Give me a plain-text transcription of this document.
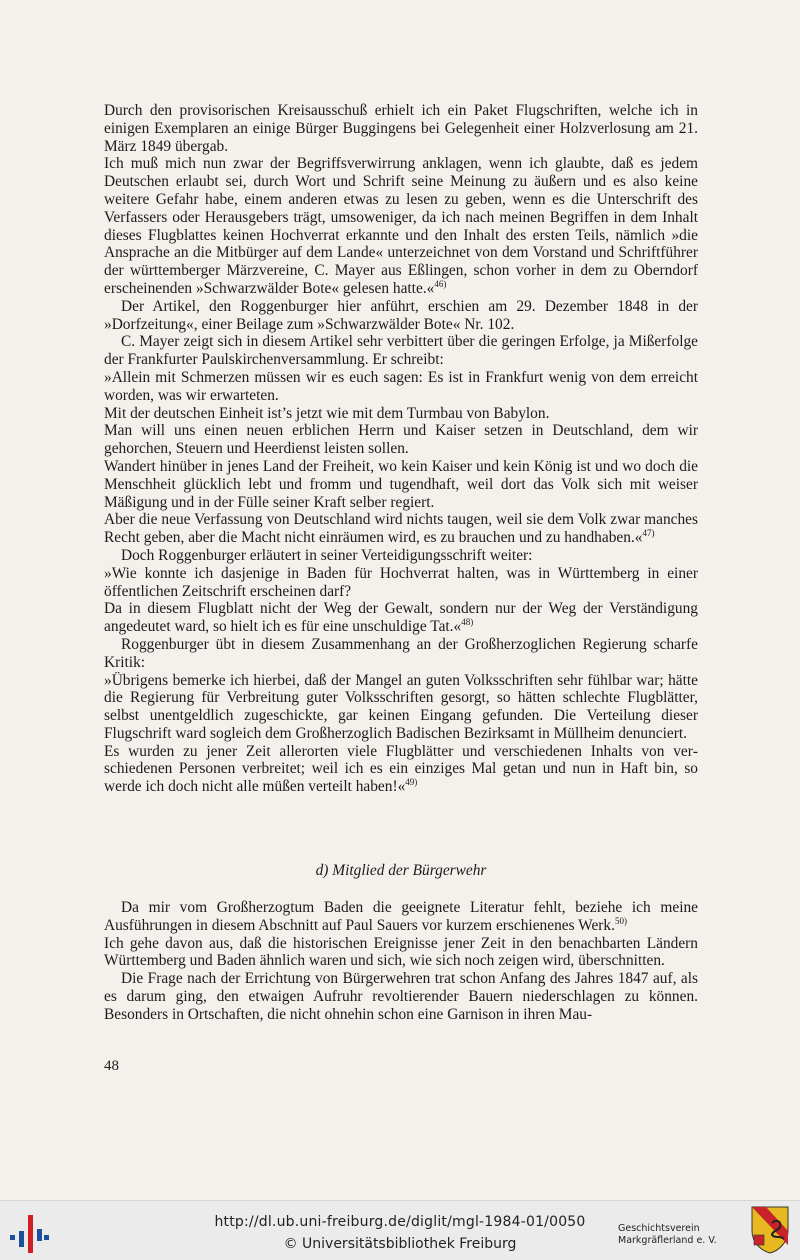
Durch den provisorischen Kreisausschuß erhielt ich ein Paket Flugschriften, welche ich in einigen Exemplaren an einige Bürger Buggingens bei Gelegenheit einer Holzverlosung am 21. März 1849 übergab.

Ich muß mich nun zwar der Begriffsverwirrung anklagen, wenn ich glaubte, daß es jedem Deutschen erlaubt sei, durch Wort und Schrift seine Meinung zu äußern und es also keine weitere Gefahr habe, einem anderen etwas zu lesen zu geben, wenn es die Unterschrift des Verfassers oder Herausgebers trägt, umsoweniger, da ich nach meinen Begriffen in dem Inhalt dieses Flugblattes keinen Hochverrat erkannte und den Inhalt des ersten Teils, nämlich »die Ansprache an die Mitbürger auf dem Lande« unterzeichnet von dem Vorstand und Schriftführer der württemberger Märzvereine, C. Mayer aus Eßlingen, schon vorher in dem zu Oberndorf erscheinenden »Schwarzwälder Bote« gelesen hatte.«$^{46)}$

Der Artikel, den Roggenburger hier anführt, erschien am 29. Dezember 1848 in der »Dorfzeitung«, einer Beilage zum »Schwarzwälder Bote« Nr. 102.

C. Mayer zeigt sich in diesem Artikel sehr verbittert über die geringen Erfolge, ja Mißerfolge der Frankfurter Paulskirchenversammlung. Er schreibt:

»Allein mit Schmerzen müssen wir es euch sagen: Es ist in Frankfurt wenig von dem erreicht worden, was wir erwarteten.

Mit der deutschen Einheit ist’s jetzt wie mit dem Turmbau von Babylon.

Man will uns einen neuen erblichen Herrn und Kaiser setzen in Deutschland, dem wir gehorchen, Steuern und Heerdienst leisten sollen.

Wandert hinüber in jenes Land der Freiheit, wo kein Kaiser und kein König ist und wo doch die Menschheit glücklich lebt und fromm und tugendhaft, weil dort das Volk sich mit weiser Mäßigung und in der Fülle seiner Kraft selber regiert.

Aber die neue Verfassung von Deutschland wird nichts taugen, weil sie dem Volk zwar manches Recht geben, aber die Macht nicht einräumen wird, es zu brauchen und zu handhaben.«$^{47)}$

Doch Roggenburger erläutert in seiner Verteidigungsschrift weiter:

»Wie konnte ich dasjenige in Baden für Hochverrat halten, was in Württemberg in einer öffentlichen Zeitschrift erscheinen darf?

Da in diesem Flugblatt nicht der Weg der Gewalt, sondern nur der Weg der Verständigung angedeutet ward, so hielt ich es für eine unschuldige Tat.«$^{48)}$

Roggenburger übt in diesem Zusammenhang an der Großherzoglichen Regierung scharfe Kritik:

»Übrigens bemerke ich hierbei, daß der Mangel an guten Volksschriften sehr fühlbar war; hätte die Regierung für Verbreitung guter Volksschriften gesorgt, so hätten schlechte Flugblätter, selbst unentgeldlich zugeschickte, gar keinen Eingang gefunden. Die Verteilung dieser Flugschrift ward sogleich dem Großherzoglich Badischen Bezirksamt in Müllheim denunciert.

Es wurden zu jener Zeit allerorten viele Flugblätter und verschiedenen Inhalts von verschiedenen Personen verbreitet; weil ich es ein einziges Mal getan und nun in Haft bin, so werde ich doch nicht alle müßen verteilt haben!«$^{49)}$

d) Mitglied der Bürgerwehr

Da mir vom Großherzogtum Baden die geeignete Literatur fehlt, beziehe ich meine Ausführungen in diesem Abschnitt auf Paul Sauers vor kurzem erschienenes Werk.$^{50)}$

Ich gehe davon aus, daß die historischen Ereignisse jener Zeit in den benachbarten Ländern Württemberg und Baden ähnlich waren und sich, wie sich noch zeigen wird, überschnitten.

Die Frage nach der Errichtung von Bürgerwehren trat schon Anfang des Jahres 1847 auf, als es darum ging, den etwaigen Aufruhr revoltierender Bauern niederschlagen zu können. Besonders in Ortschaften, die nicht ohnehin schon eine Garnison in ihren Mau-

48
http://dl.ub.uni-freiburg.de/diglit/mgl-1984-01/0050
© Universitätsbibliothek Freiburg
Geschichtsverein
Markgräflerland e. V.
